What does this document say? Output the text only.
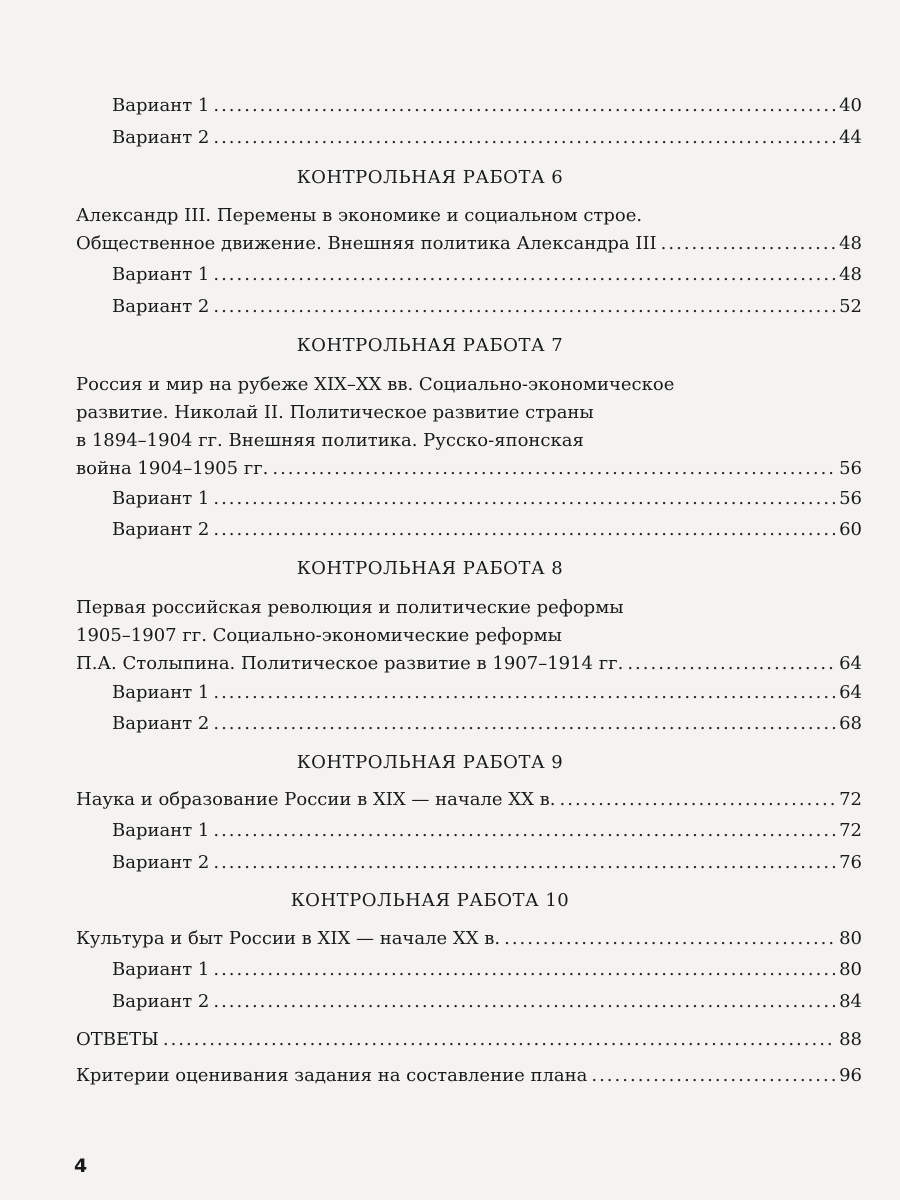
Вариант 1 .....	40
Вариант 2 .....	44
КОНТРОЛЬНАЯ РАБОТА 6
Александр III. Перемены в экономике и социальном строе.
Общественное движение. Внешняя политика Александра III .....	48
Вариант 1 .....	48
Вариант 2 .....	52
КОНТРОЛЬНАЯ РАБОТА 7
Россия и мир на рубеже XIX–XX вв. Социально-экономическое
развитие. Николай II. Политическое развитие страны
в 1894–1904 гг. Внешняя политика. Русско-японская
война 1904–1905 гг. .....	56
Вариант 1 .....	56
Вариант 2 .....	60
КОНТРОЛЬНАЯ РАБОТА 8
Первая российская революция и политические реформы
1905–1907 гг. Социально-экономические реформы
П.А. Столыпина. Политическое развитие в 1907–1914 гг. .....	64
Вариант 1 .....	64
Вариант 2 .....	68
КОНТРОЛЬНАЯ РАБОТА 9
Наука и образование России в XIX — начале XX в. .....	72
Вариант 1 .....	72
Вариант 2 .....	76
КОНТРОЛЬНАЯ РАБОТА 10
Культура и быт России в XIX — начале XX в. .....	80
Вариант 1 .....	80
Вариант 2 .....	84
ОТВЕТЫ .....	88
Критерии оценивания задания на составление плана .....	96
4
